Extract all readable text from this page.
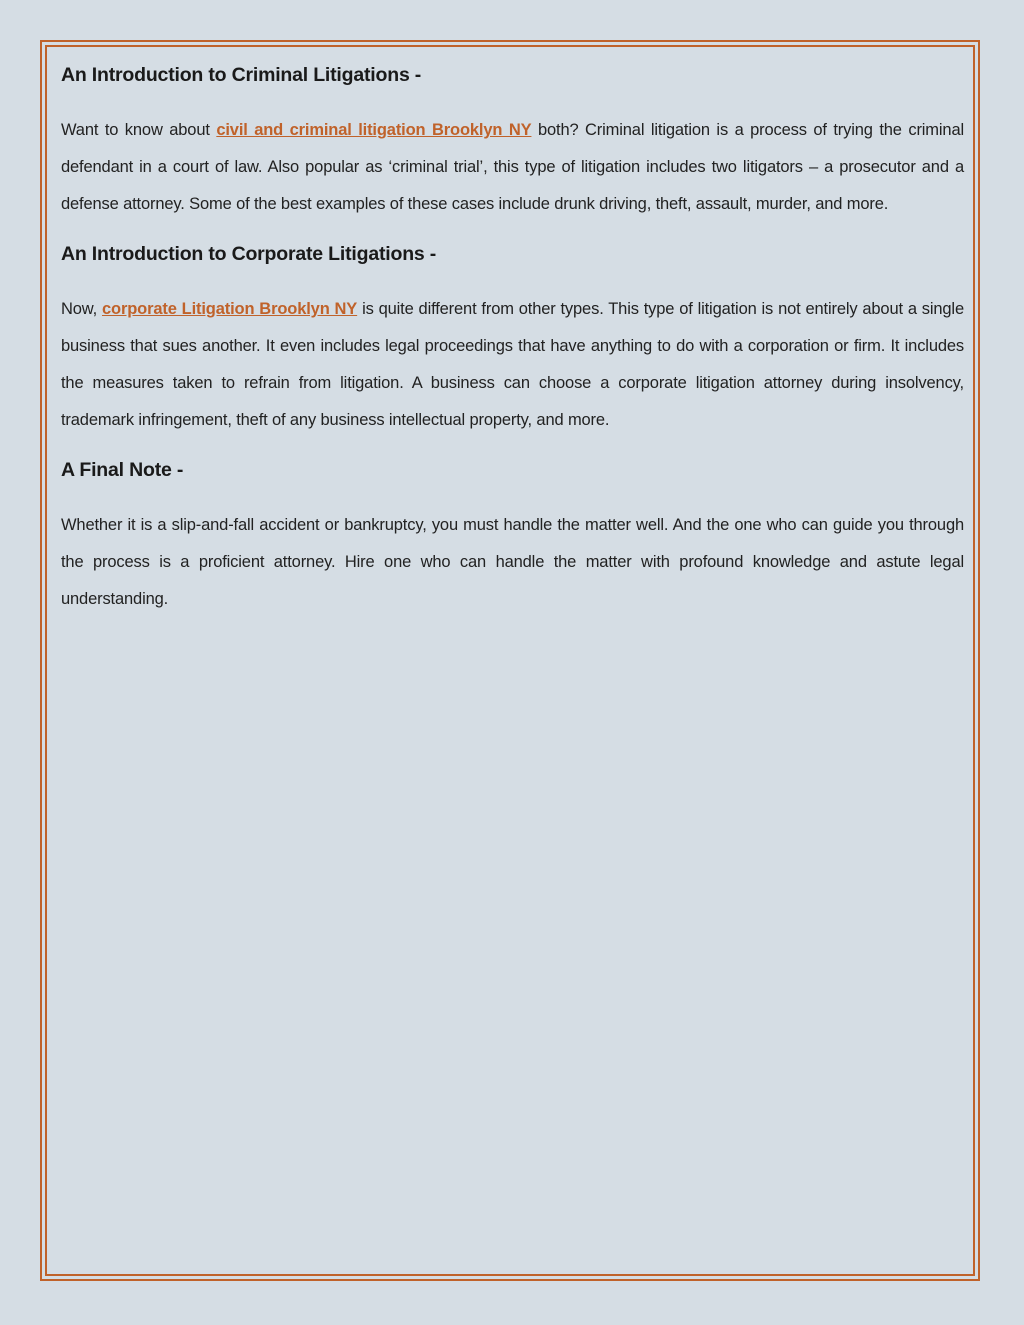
An Introduction to Criminal Litigations -

Want to know about civil and criminal litigation Brooklyn NY both? Criminal litigation is a process of trying the criminal defendant in a court of law. Also popular as ‘criminal trial’, this type of litigation includes two litigators – a prosecutor and a defense attorney. Some of the best examples of these cases include drunk driving, theft, assault, murder, and more.

An Introduction to Corporate Litigations -

Now, corporate Litigation Brooklyn NY is quite different from other types. This type of litigation is not entirely about a single business that sues another. It even includes legal proceedings that have anything to do with a corporation or firm. It includes the measures taken to refrain from litigation. A business can choose a corporate litigation attorney during insolvency, trademark infringement, theft of any business intellectual property, and more.

A Final Note -

Whether it is a slip-and-fall accident or bankruptcy, you must handle the matter well. And the one who can guide you through the process is a proficient attorney. Hire one who can handle the matter with profound knowledge and astute legal understanding.
